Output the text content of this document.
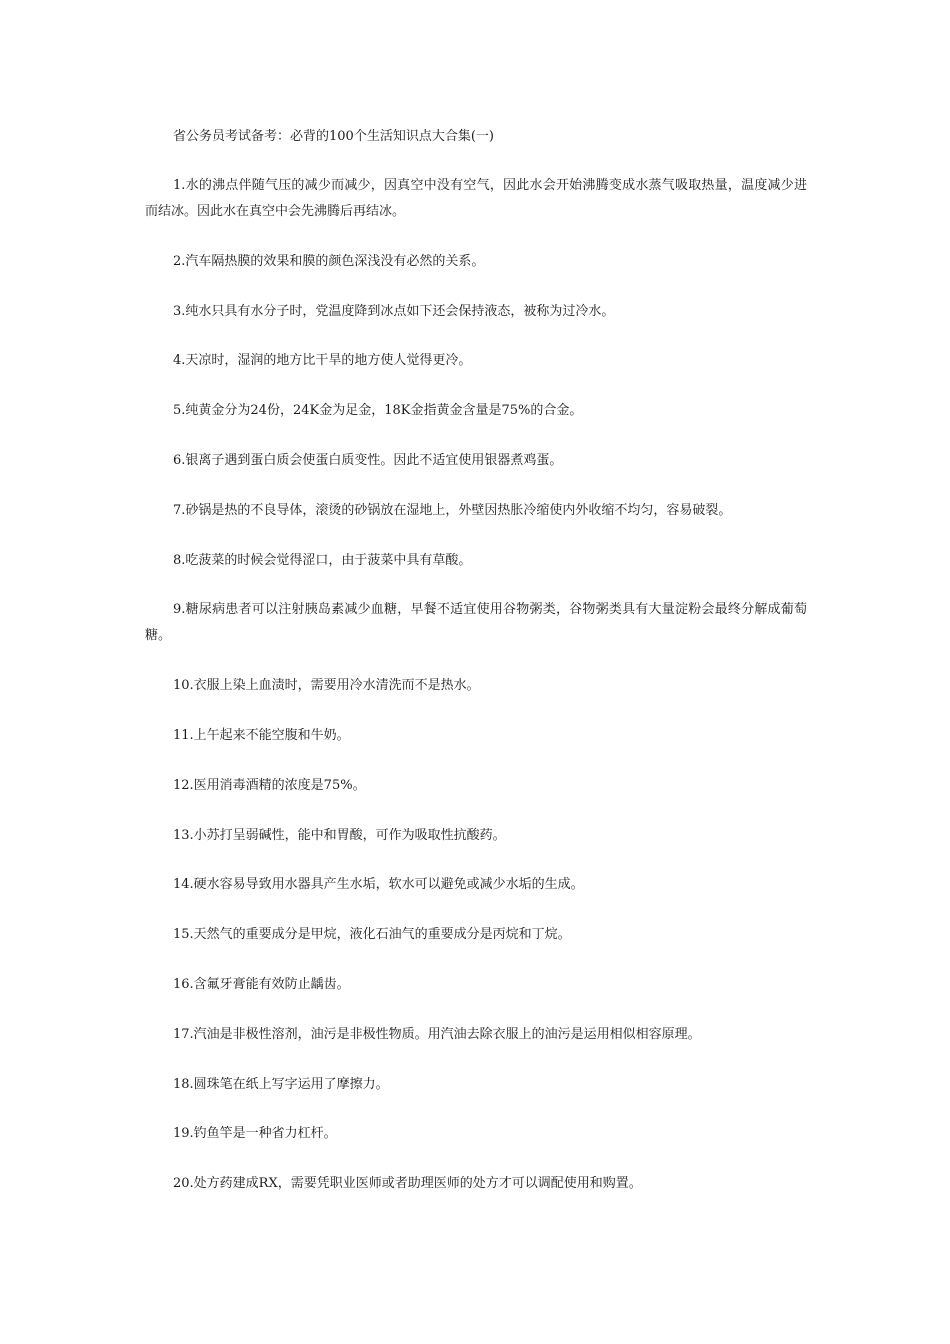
省公务员考试备考：必背的100个生活知识点大合集(一)

1.水的沸点伴随气压的减少而减少，因真空中没有空气，因此水会开始沸腾变成水蒸气吸取热量，温度减少进而结冰。因此水在真空中会先沸腾后再结冰。

2.汽车隔热膜的效果和膜的颜色深浅没有必然的关系。

3.纯水只具有水分子时，党温度降到冰点如下还会保持液态，被称为过冷水。

4.天凉时，湿润的地方比干旱的地方使人觉得更冷。

5.纯黄金分为24份，24K金为足金，18K金指黄金含量是75%的合金。

6.银离子遇到蛋白质会使蛋白质变性。因此不适宜使用银器煮鸡蛋。

7.砂锅是热的不良导体，滚烫的砂锅放在湿地上，外壁因热胀冷缩使内外收缩不均匀，容易破裂。

8.吃菠菜的时候会觉得涩口，由于菠菜中具有草酸。

9.糖尿病患者可以注射胰岛素减少血糖，早餐不适宜使用谷物粥类，谷物粥类具有大量淀粉会最终分解成葡萄糖。

10.衣服上染上血渍时，需要用冷水清洗而不是热水。

11.上午起来不能空腹和牛奶。

12.医用消毒酒精的浓度是75%。

13.小苏打呈弱碱性，能中和胃酸，可作为吸取性抗酸药。

14.硬水容易导致用水器具产生水垢，软水可以避免或减少水垢的生成。

15.天然气的重要成分是甲烷，液化石油气的重要成分是丙烷和丁烷。

16.含氟牙膏能有效防止龋齿。

17.汽油是非极性溶剂，油污是非极性物质。用汽油去除衣服上的油污是运用相似相容原理。

18.圆珠笔在纸上写字运用了摩擦力。

19.钓鱼竿是一种省力杠杆。

20.处方药建成RX，需要凭职业医师或者助理医师的处方才可以调配使用和购置。
